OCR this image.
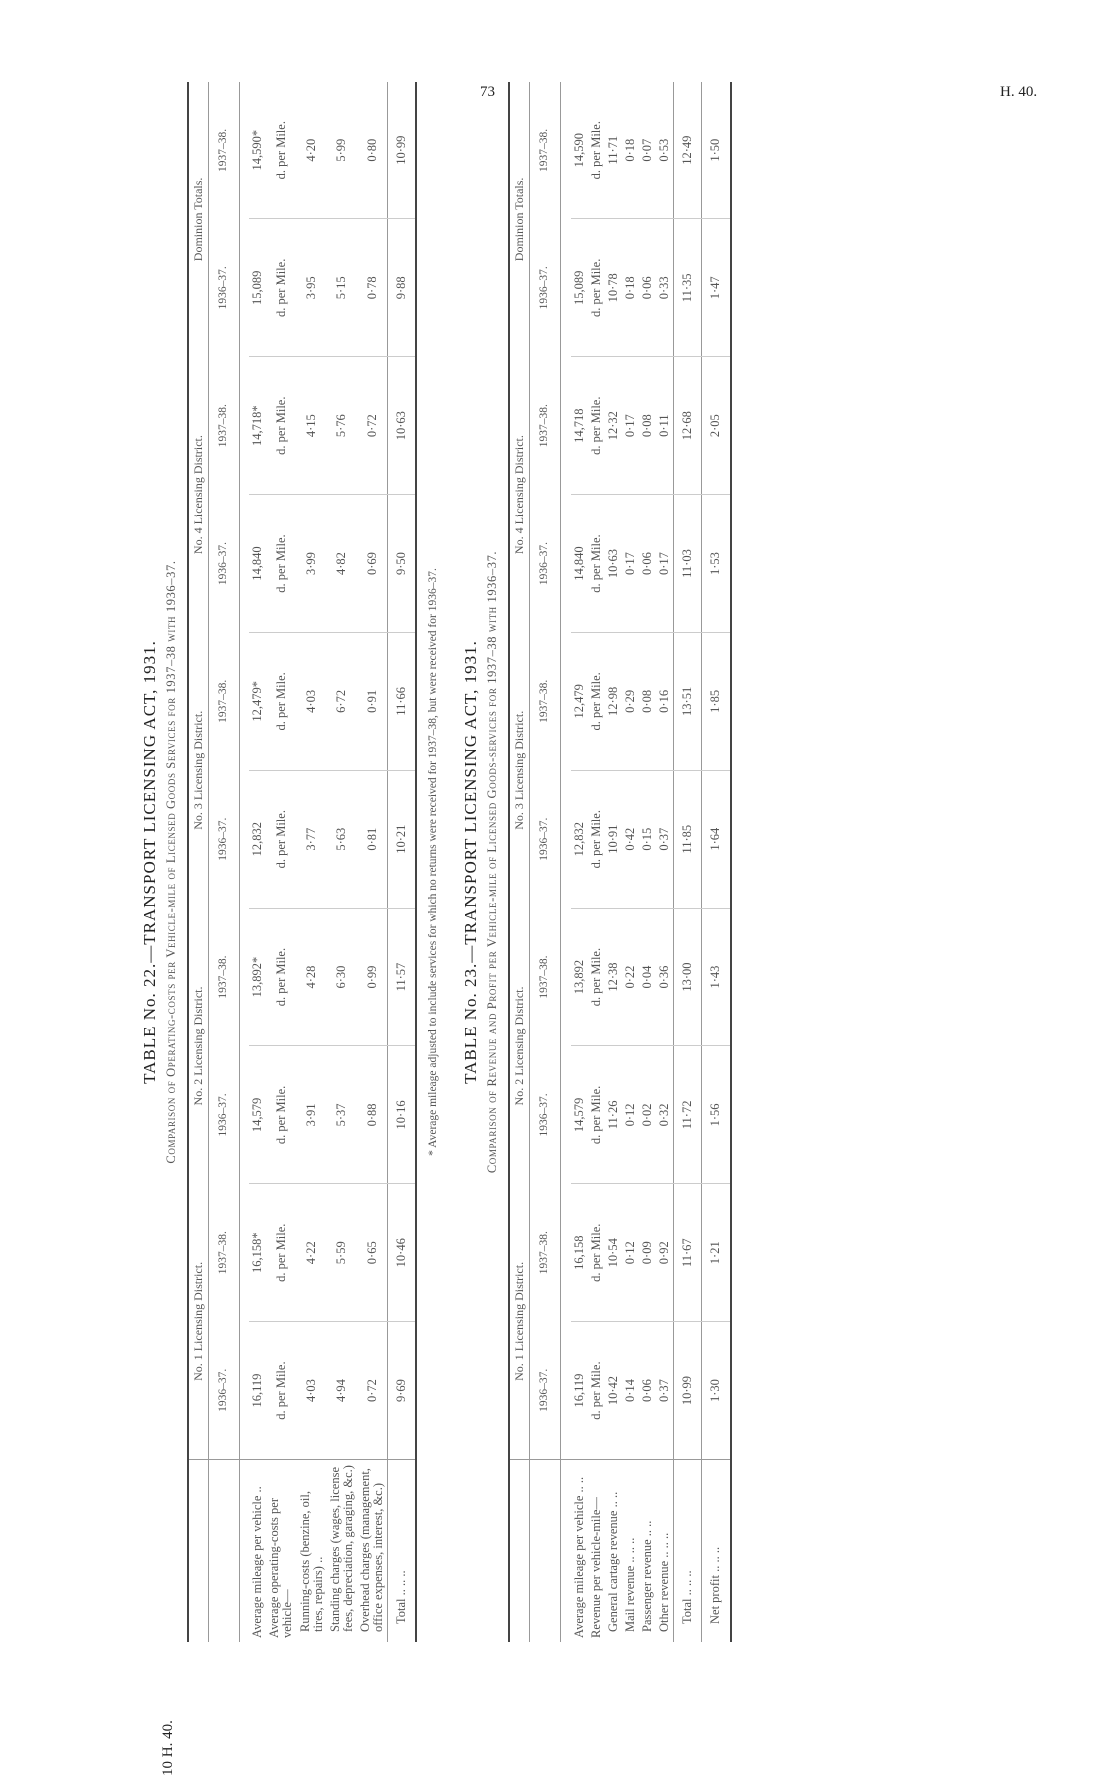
73	H. 40.
10 H. 40.
TABLE No. 22.—TRANSPORT LICENSING ACT, 1931. Comparison of Operating-costs per Vehicle-mile of Licensed Goods Services for 1937–38 with 1936–37.
	No. 1 Licensing District.		No. 2 Licensing District.		No. 3 Licensing District.		No. 4 Licensing District.		Dominion Totals.	
	1936–37.	1937–38.	1936–37.	1937–38.	1936–37.	1937–38.	1936–37.	1937–38.	1936–37.	1937–38.

Average mileage per vehicle ..	16,119	16,158*	14,579	13,892*	12,832	12,479*	14,840	14,718*	15,089	14,590*
Average operating-costs per vehicle—	d. per Mile.	d. per Mile.	d. per Mile.	d. per Mile.	d. per Mile.	d. per Mile.	d. per Mile.	d. per Mile.	d. per Mile.	d. per Mile.
Running-costs (benzine, oil, tires, repairs) ..	4·03	4·22	3·91	4·28	3·77	4·03	3·99	4·15	3·95	4·20
Standing charges (wages, license fees, depreciation, garaging, &c.)	4·94	5·59	5·37	6·30	5·63	6·72	4·82	5·76	5·15	5·99
Overhead charges (management, office expenses, interest, &c.)	0·72	0·65	0·88	0·99	0·81	0·91	0·69	0·72	0·78	0·80
Total .. .. ..	9·69	10·46	10·16	11·57	10·21	11·66	9·50	10·63	9·88	10·99

* Average mileage adjusted to include services for which no returns were received for 1937–38, but were received for 1936–37. TABLE No. 23.—TRANSPORT LICENSING ACT, 1931. Comparison of Revenue and Profit per Vehicle-mile of Licensed Goods-services for 1937–38 with 1936–37.
	No. 1 Licensing District.		No. 2 Licensing District.		No. 3 Licensing District.		No. 4 Licensing District.		Dominion Totals.	
	1936–37.	1937–38.	1936–37.	1937–38.	1936–37.	1937–38.	1936–37.	1937–38.	1936–37.	1937–38.

Average mileage per vehicle .. ..	16,119	16,158	14,579	13,892	12,832	12,479	14,840	14,718	15,089	14,590
Revenue per vehicle-mile—	d. per Mile.	d. per Mile.	d. per Mile.	d. per Mile.	d. per Mile.	d. per Mile.	d. per Mile.	d. per Mile.	d. per Mile.	d. per Mile.
General cartage revenue .. ..	10·42	10·54	11·26	12·38	10·91	12·98	10·63	12·32	10·78	11·71
Mail revenue .. .. ..	0·14	0·12	0·12	0·22	0·42	0·29	0·17	0·17	0·18	0·18
Passenger revenue .. ..	0·06	0·09	0·02	0·04	0·15	0·08	0·06	0·08	0·06	0·07
Other revenue .. .. ..	0·37	0·92	0·32	0·36	0·37	0·16	0·17	0·11	0·33	0·53
Total .. .. ..	10·99	11·67	11·72	13·00	11·85	13·51	11·03	12·68	11·35	12·49
Net profit .. .. ..	1·30	1·21	1·56	1·43	1·64	1·85	1·53	2·05	1·47	1·50
